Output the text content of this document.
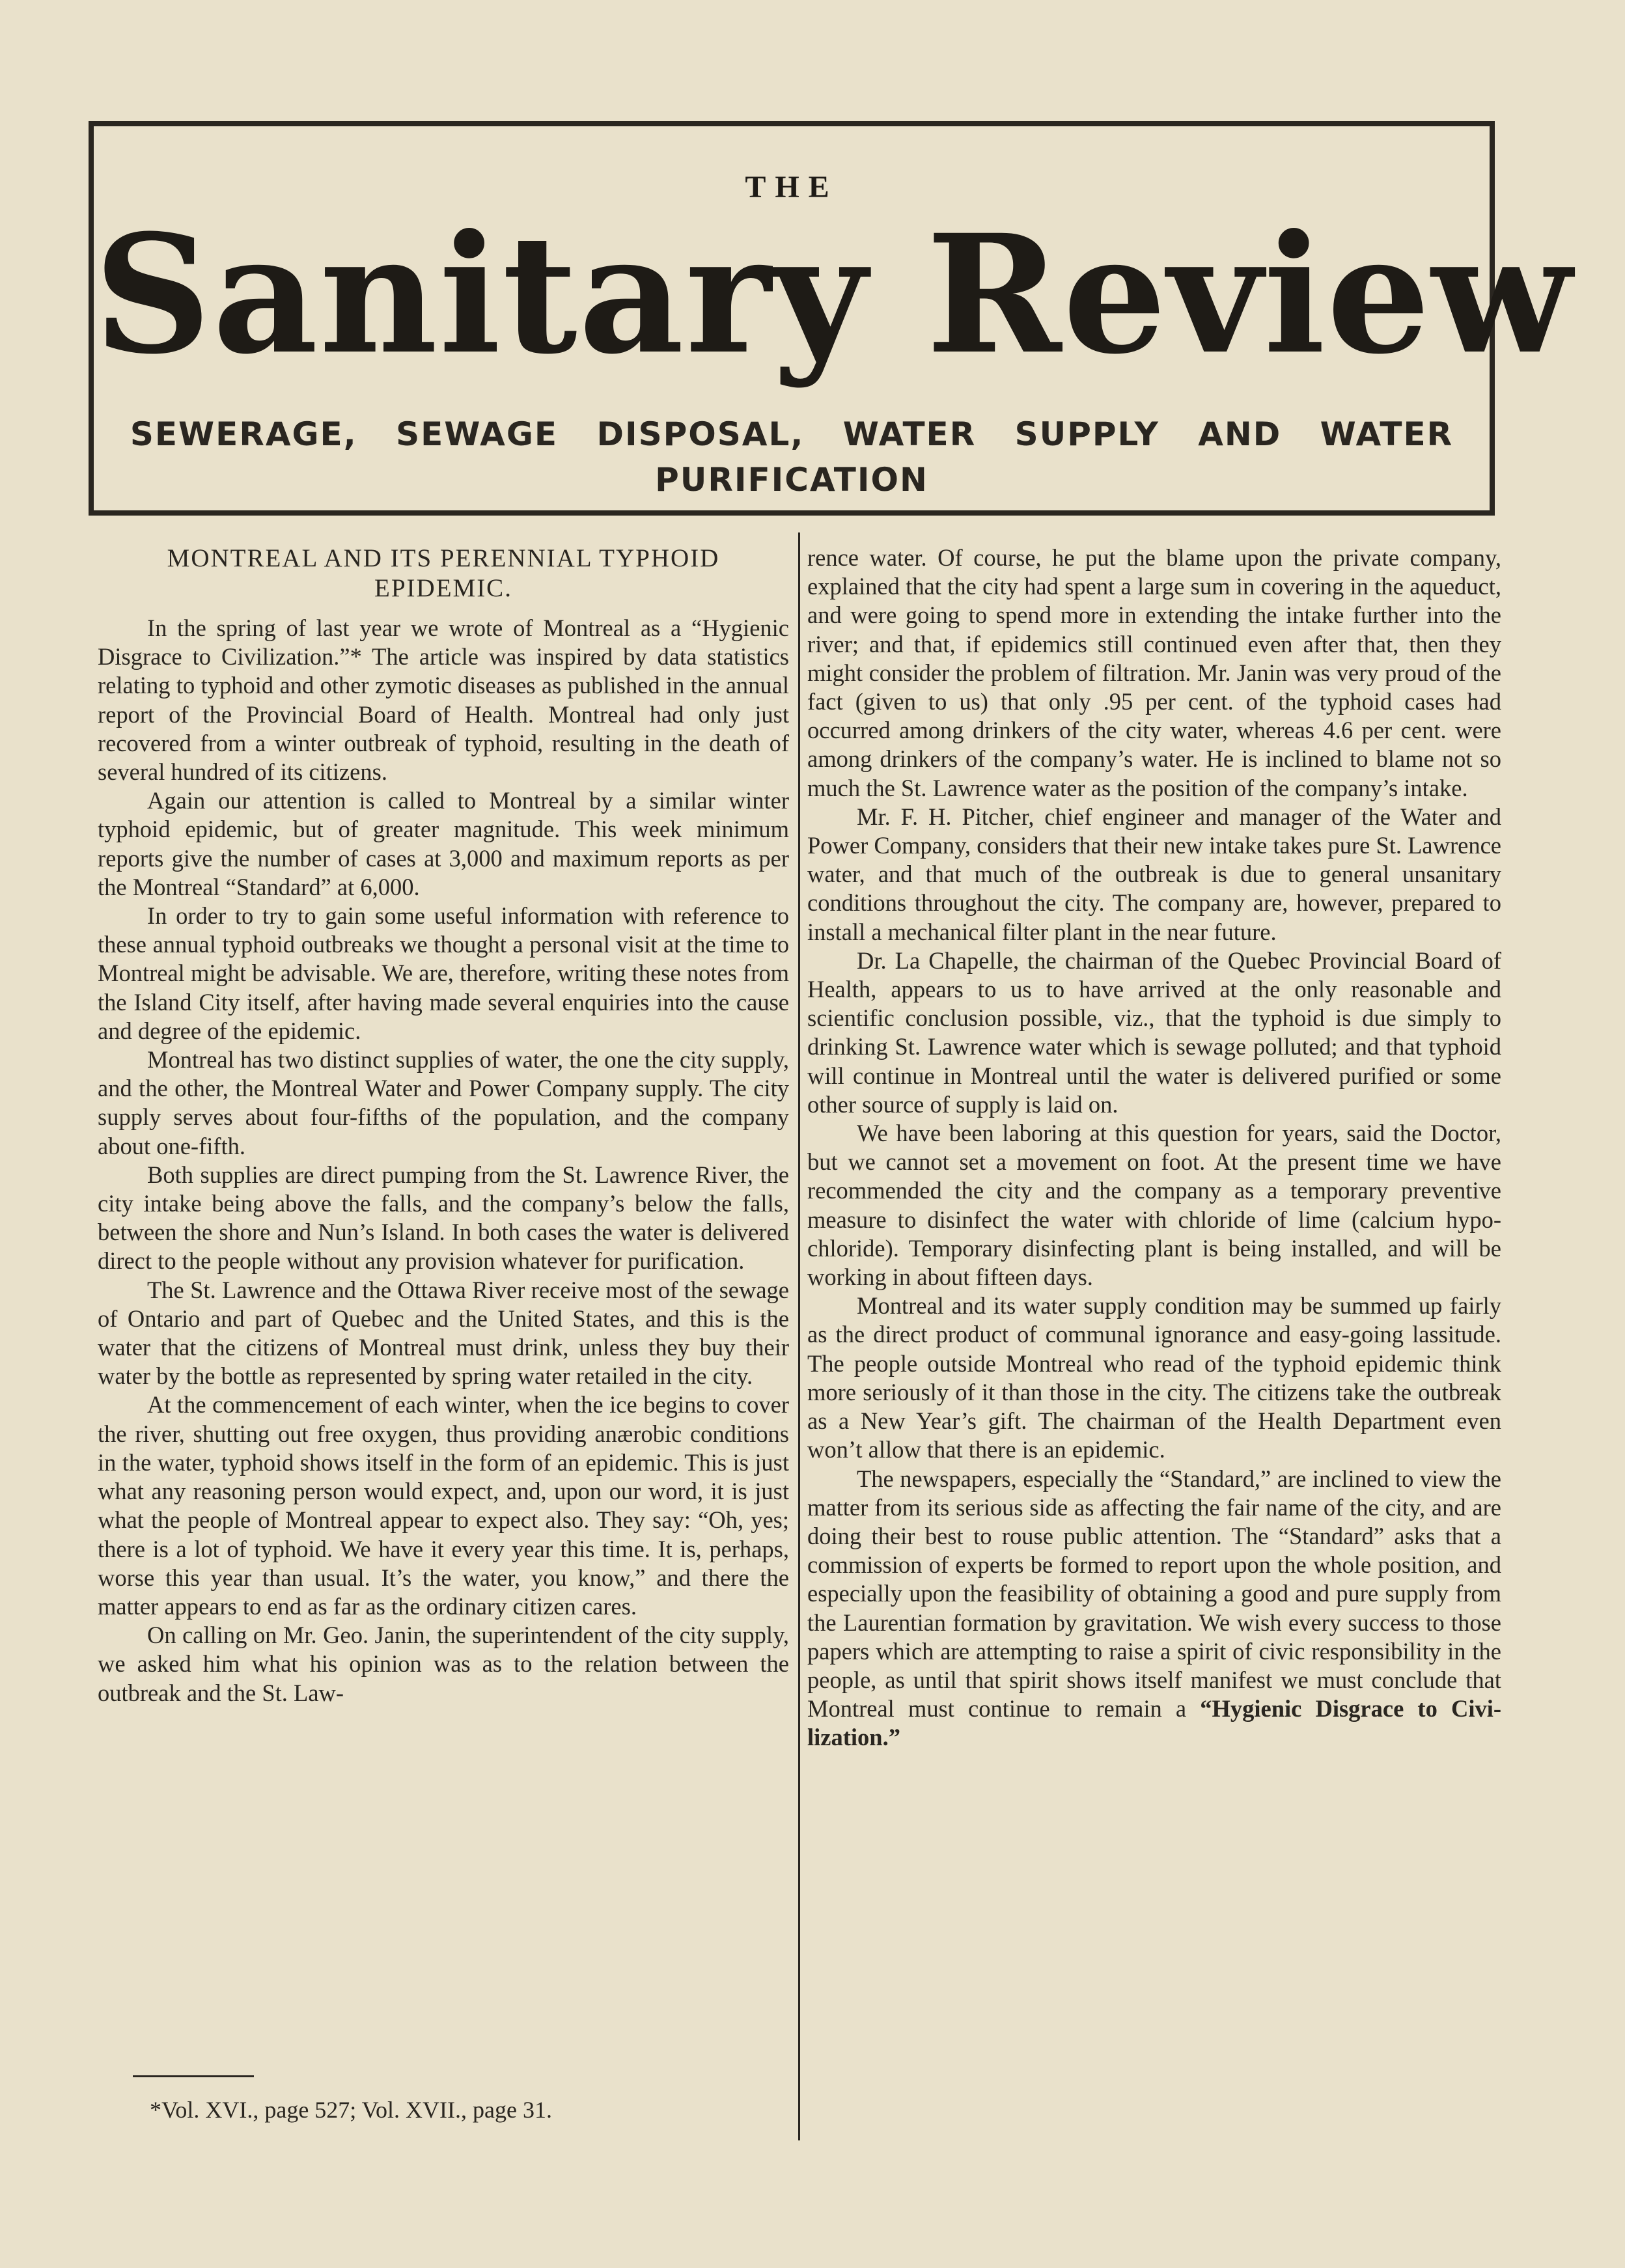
THE
Sanitary Review
SEWERAGE, SEWAGE DISPOSAL, WATER SUPPLY AND WATER PURIFICATION
MONTREAL AND ITS PERENNIAL TYPHOID EPIDEMIC.

In the spring of last year we wrote of Montreal as a “Hygienic Disgrace to Civilization.”* The article was inspired by data statistics relating to typhoid and other zymotic diseases as published in the annual report of the Provincial Board of Health. Montreal had only just recovered from a winter outbreak of typhoid, resulting in the death of several hundred of its citizens.

Again our attention is called to Montreal by a similar winter typhoid epidemic, but of greater magnitude. This week minimum reports give the number of cases at 3,000 and maximum reports as per the Montreal “Standard” at 6,000.

In order to try to gain some useful information with reference to these annual typhoid outbreaks we thought a personal visit at the time to Montreal might be advisable. We are, therefore, writing these notes from the Island City itself, after having made several enquiries into the cause and degree of the epidemic.

Montreal has two distinct supplies of water, the one the city supply, and the other, the Montreal Water and Power Company supply. The city supply serves about four-fifths of the population, and the company about one-fifth.

Both supplies are direct pumping from the St. Lawrence River, the city intake being above the falls, and the company’s below the falls, between the shore and Nun’s Island. In both cases the water is delivered direct to the people without any provision whatever for purification.

The St. Lawrence and the Ottawa River receive most of the sewage of Ontario and part of Quebec and the United States, and this is the water that the citizens of Montreal must drink, unless they buy their water by the bottle as represented by spring water retailed in the city.

At the commencement of each winter, when the ice begins to cover the river, shutting out free oxygen, thus providing anærobic conditions in the water, typhoid shows itself in the form of an epidemic. This is just what any reasoning person would expect, and, upon our word, it is just what the people of Montreal appear to expect also. They say: “Oh, yes; there is a lot of typhoid. We have it every year this time. It is, perhaps, worse this year than usual. It’s the water, you know,” and there the matter appears to end as far as the ordinary citizen cares.

On calling on Mr. Geo. Janin, the superintendent of the city supply, we asked him what his opinion was as to the relation between the outbreak and the St. Law-

*Vol. XVI., page 527; Vol. XVII., page 31.

rence water. Of course, he put the blame upon the private company, explained that the city had spent a large sum in covering in the aqueduct, and were going to spend more in extending the intake further into the river; and that, if epidemics still continued even after that, then they might consider the problem of filtration. Mr. Janin was very proud of the fact (given to us) that only .95 per cent. of the typhoid cases had occurred among drinkers of the city water, whereas 4.6 per cent. were among drinkers of the company’s water. He is inclined to blame not so much the St. Lawrence water as the position of the company’s intake.

Mr. F. H. Pitcher, chief engineer and manager of the Water and Power Company, considers that their new intake takes pure St. Lawrence water, and that much of the outbreak is due to general unsanitary conditions throughout the city. The company are, however, prepared to install a mechanical filter plant in the near future.

Dr. La Chapelle, the chairman of the Quebec Provincial Board of Health, appears to us to have arrived at the only reasonable and scientific conclusion possible, viz., that the typhoid is due simply to drinking St. Lawrence water which is sewage polluted; and that typhoid will continue in Montreal until the water is delivered purified or some other source of supply is laid on.

We have been laboring at this question for years, said the Doctor, but we cannot set a movement on foot. At the present time we have recommended the city and the company as a temporary preventive measure to disinfect the water with chloride of lime (calcium hypochloride). Temporary disinfecting plant is being installed, and will be working in about fifteen days.

Montreal and its water supply condition may be summed up fairly as the direct product of communal ignorance and easy-going lassitude. The people outside Montreal who read of the typhoid epidemic think more seriously of it than those in the city. The citizens take the outbreak as a New Year’s gift. The chairman of the Health Department even won’t allow that there is an epidemic.

The newspapers, especially the “Standard,” are inclined to view the matter from its serious side as affecting the fair name of the city, and are doing their best to rouse public attention. The “Standard” asks that a commission of experts be formed to report upon the whole position, and especially upon the feasibility of obtaining a good and pure supply from the Laurentian formation by gravitation. We wish every success to those papers which are attempting to raise a spirit of civic responsibility in the people, as until that spirit shows itself manifest we must conclude that Montreal must continue to remain a “Hygienic Disgrace to Civilization.”
